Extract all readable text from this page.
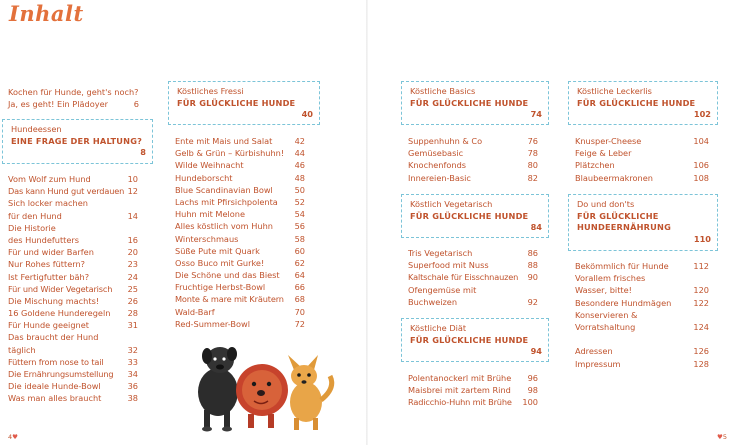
Inhalt
Kochen für Hunde, geht's noch?
Ja, es geht! Ein Plädoyer	6
Hundeessen
EINE FRAGE DER HALTUNG?
8
Vom Wolf zum Hund	10
Das kann Hund gut verdauen 12
Sich locker machen
für den Hund	14
Die Historie
des Hundefutters	16
Für und wider Barfen	20
Nur Rohes füttern?	23
Ist Fertigfutter bäh?	24
Für und Wider Vegetarisch 25
Die Mischung machts!	26
16 Goldene Hunderegeln 28
Für Hunde geeignet	31
Das braucht der Hund
täglich	32
Füttern from nose to tail	33
Die Ernährungsumstellung 34
Die ideale Hunde-Bowl	36
Was man alles braucht	38
Köstliches Fressi
FÜR GLÜCKLICHE HUNDE
40
Ente mit Mais und Salat	42
Gelb & Grün – Kürbishuhn! 44
Wilde Weihnacht	46
Hundeborscht	48
Blue Scandinavian Bowl	50
Lachs mit Pfirsichpolenta 52
Huhn mit Melone	54
Alles köstlich vom Huhn	56
Winterschmaus	58
Süße Pute mit Quark	60
Osso Buco mit Gurke!	62
Die Schöne und das Biest 64
Fruchtige Herbst-Bowl	66
Monte & mare mit Kräutern 68
Wald-Barf	70
Red-Summer-Bowl	72
Köstliche Basics
FÜR GLÜCKLICHE HUNDE
74
Suppenhuhn & Co	76
Gemüsebasic	78
Knochenfonds	80
Innereien-Basic	82
Köstlich Vegetarisch
FÜR GLÜCKLICHE HUNDE
84
Tris Vegetarisch	86
Superfood mit Nuss	88
Kaltschale für Eisschnauzen 90
Ofengemüse mit
Buchweizen	92
Köstliche Diät
FÜR GLÜCKLICHE HUNDE
94
Polentanockerl mit Brühe 96
Maisbrei mit zartem Rind 98
Radicchio-Huhn mit Brühe 100
Köstliche Leckerlis
FÜR GLÜCKLICHE HUNDE
102
Knusper-Cheese	104
Feige & Leber
Plätzchen	106
Blaubeermakronen	108
Do und don'ts
FÜR GLÜCKLICHE
HUNDEERNÄHRUNG
110
Bekömmlich für Hunde	112
Vorallem frisches
Wasser, bitte!	120
Besondere Hundmägen	122
Konservieren &
Vorratshaltung	124
Adressen	126
Impressum	128
4♥	♥5
